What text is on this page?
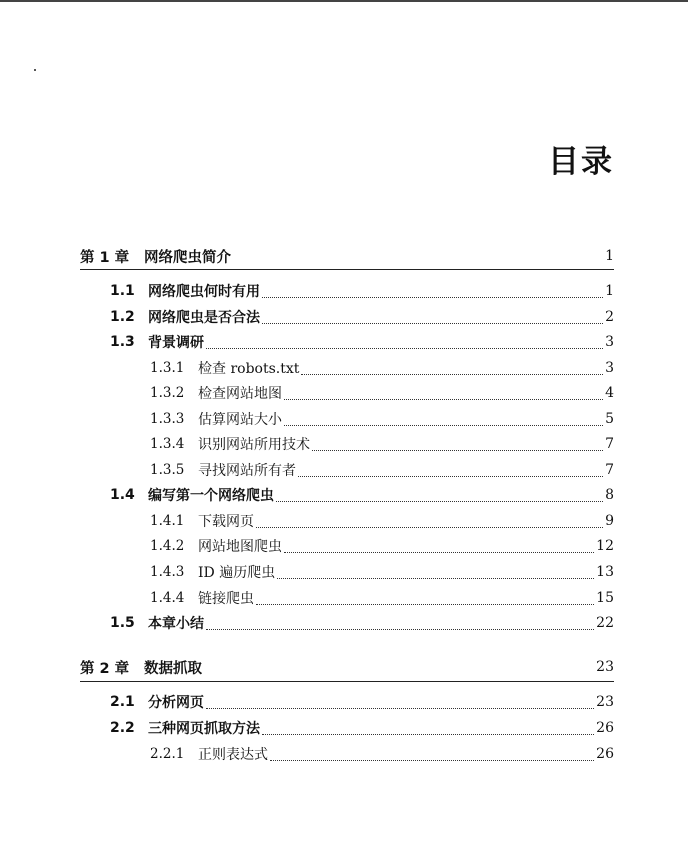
目录
第 1 章	网络爬虫简介	1
1.1 网络爬虫何时有用	1
1.2 网络爬虫是否合法	2
1.3 背景调研	3
1.3.1 检查 robots.txt	3
1.3.2 检查网站地图	4
1.3.3 估算网站大小	5
1.3.4 识别网站所用技术	7
1.3.5 寻找网站所有者	7
1.4 编写第一个网络爬虫	8
1.4.1 下载网页	9
1.4.2 网站地图爬虫	12
1.4.3 ID 遍历爬虫	13
1.4.4 链接爬虫	15
1.5 本章小结	22
第 2 章	数据抓取	23
2.1 分析网页	23
2.2 三种网页抓取方法	26
2.2.1 正则表达式	26
